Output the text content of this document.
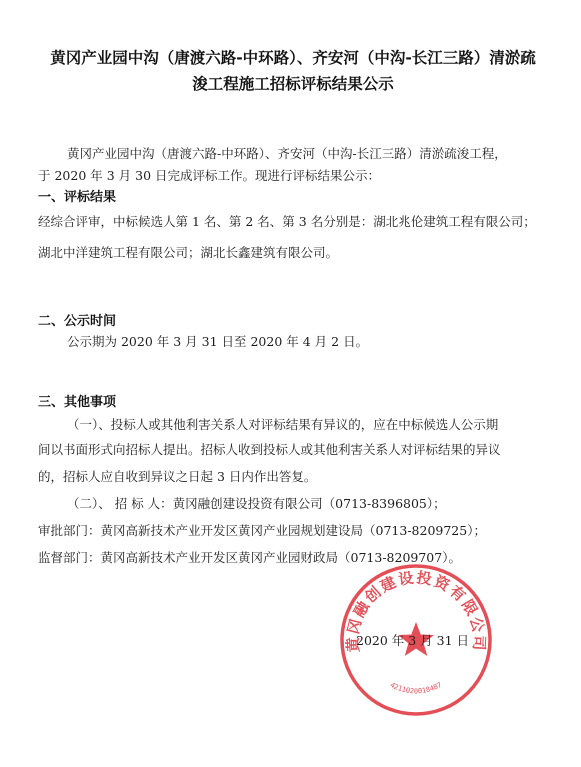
黄冈产业园中沟（唐渡六路-中环路）、齐安河（中沟-长江三路）清淤疏
浚工程施工招标评标结果公示
黄冈产业园中沟（唐渡六路-中环路）、齐安河（中沟-长江三路）清淤疏浚工程，
于 2020 年 3 月 30 日完成评标工作。现进行评标结果公示：
一、评标结果
经综合评审，中标候选人第 1 名、第 2 名、第 3 名分别是：湖北兆伦建筑工程有限公司；
湖北中洋建筑工程有限公司；湖北长鑫建筑有限公司。
二、公示时间
公示期为 2020 年 3 月 31 日至 2020 年 4 月 2 日。
三、其他事项
（一）、投标人或其他利害关系人对评标结果有异议的，应在中标候选人公示期
间以书面形式向招标人提出。招标人收到投标人或其他利害关系人对评标结果的异议
的，招标人应自收到异议之日起 3 日内作出答复。
（二）、 招 标 人：黄冈融创建设投资有限公司（0713-8396805）；
审批部门：黄冈高新技术产业开发区黄冈产业园规划建设局（0713-8209725）；
监督部门：黄冈高新技术产业开发区黄冈产业园财政局（0713-8209707）。
黄冈融创建设投资有限公司
4211020018487
2020 年 3 月 31 日
